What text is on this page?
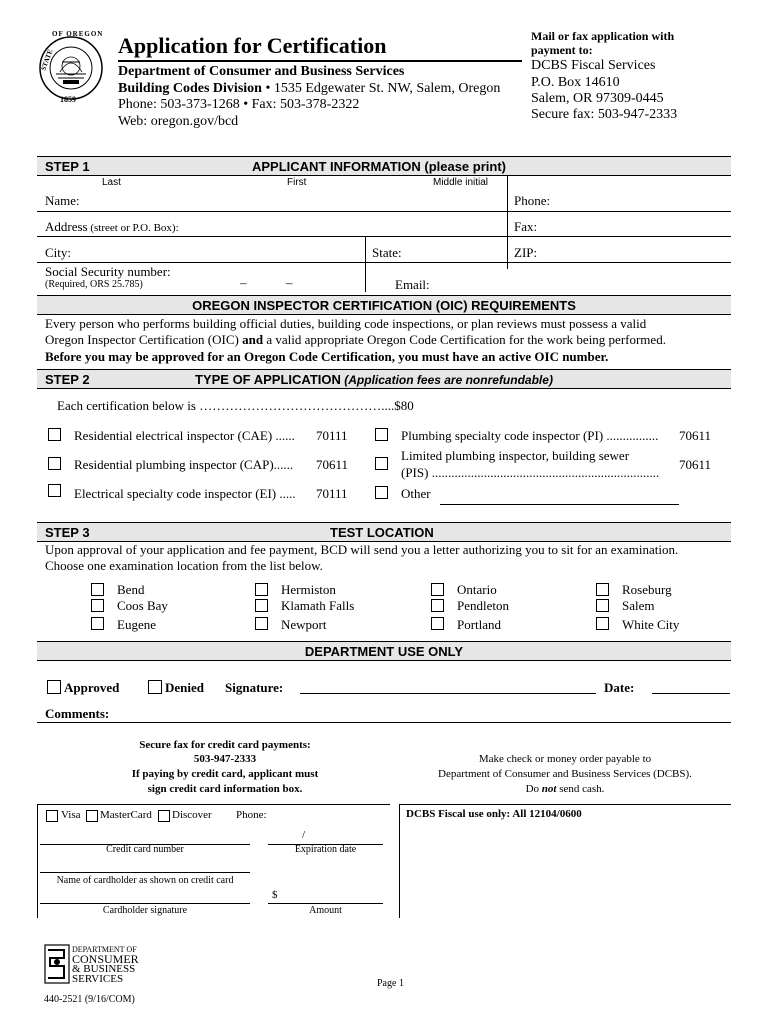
OF OREGON
STATE
1859
Application for Certification
Department of Consumer and Business Services
Building Codes Division • 1535 Edgewater St. NW, Salem, Oregon
Phone: 503-373-1268 • Fax: 503-378-2322
Web: oregon.gov/bcd
Mail or fax application with
payment to:
DCBS Fiscal Services
P.O. Box 14610
Salem, OR 97309-0445
Secure fax: 503-947-2333
STEP 1	APPLICANT INFORMATION (please print)
Last	First	Middle initial
Name:	Phone:
Address (street or P.O. Box):	Fax:
City:	State:	ZIP:
Social Security number:
(Required, ORS 25.785)	–	–	Email:
OREGON INSPECTOR CERTIFICATION (OIC) REQUIREMENTS
Every person who performs building official duties, building code inspections, or plan reviews must possess a valid
Oregon Inspector Certification (OIC) and a valid appropriate Oregon Code Certification for the work being performed.
Before you may be approved for an Oregon Code Certification, you must have an active OIC number.
STEP 2	TYPE OF APPLICATION (Application fees are nonrefundable)
Each certification below is ……………………………………....$80
Residential electrical inspector (CAE) ...... 70111
Residential plumbing inspector (CAP)...... 70611
Electrical specialty code inspector (EI) ..... 70111
Plumbing specialty code inspector (PI) ................ 70611
Limited plumbing inspector, building sewer
(PIS) ......................................................................
70611
Other
STEP 3	TEST LOCATION
Upon approval of your application and fee payment, BCD will send you a letter authorizing you to sit for an examination.
Choose one examination location from the list below.
Bend
Coos Bay
Eugene
Hermiston
Klamath Falls
Newport
Ontario
Pendleton
Portland
Roseburg
Salem
White City
DEPARTMENT USE ONLY
Approved	Denied Signature:	Date:
Comments:
Secure fax for credit card payments:
503-947-2333
If paying by credit card, applicant must
sign credit card information box.
Make check or money order payable to
Department of Consumer and Business Services (DCBS).
Do not send cash.
Visa MasterCard Discover Phone:
Credit card number
/
Expiration date
Name of cardholder as shown on credit card
$
Cardholder signature	Amount
DCBS Fiscal use only: All 12104/0600
DEPARTMENT OF
CONSUMER
& BUSINESS
SERVICES
440-2521 (9/16/COM)
Page 1
